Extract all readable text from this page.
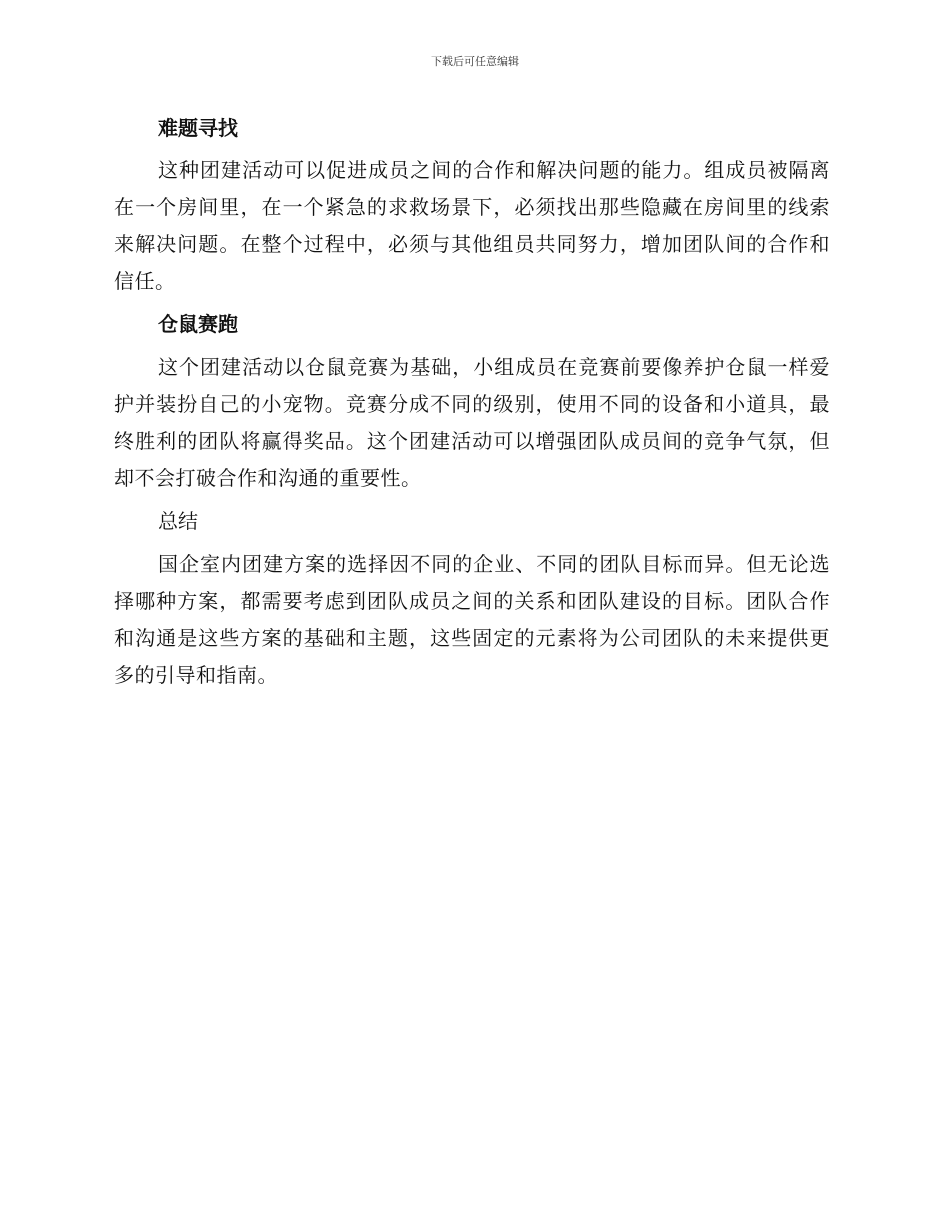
下载后可任意编辑
难题寻找

这种团建活动可以促进成员之间的合作和解决问题的能力。组成员被隔离在一个房间里，在一个紧急的求救场景下，必须找出那些隐藏在房间里的线索来解决问题。在整个过程中，必须与其他组员共同努力，增加团队间的合作和信任。

仓鼠赛跑

这个团建活动以仓鼠竞赛为基础，小组成员在竞赛前要像养护仓鼠一样爱护并装扮自己的小宠物。竞赛分成不同的级别，使用不同的设备和小道具，最终胜利的团队将赢得奖品。这个团建活动可以增强团队成员间的竞争气氛，但却不会打破合作和沟通的重要性。

总结

国企室内团建方案的选择因不同的企业、不同的团队目标而异。但无论选择哪种方案，都需要考虑到团队成员之间的关系和团队建设的目标。团队合作和沟通是这些方案的基础和主题，这些固定的元素将为公司团队的未来提供更多的引导和指南。
